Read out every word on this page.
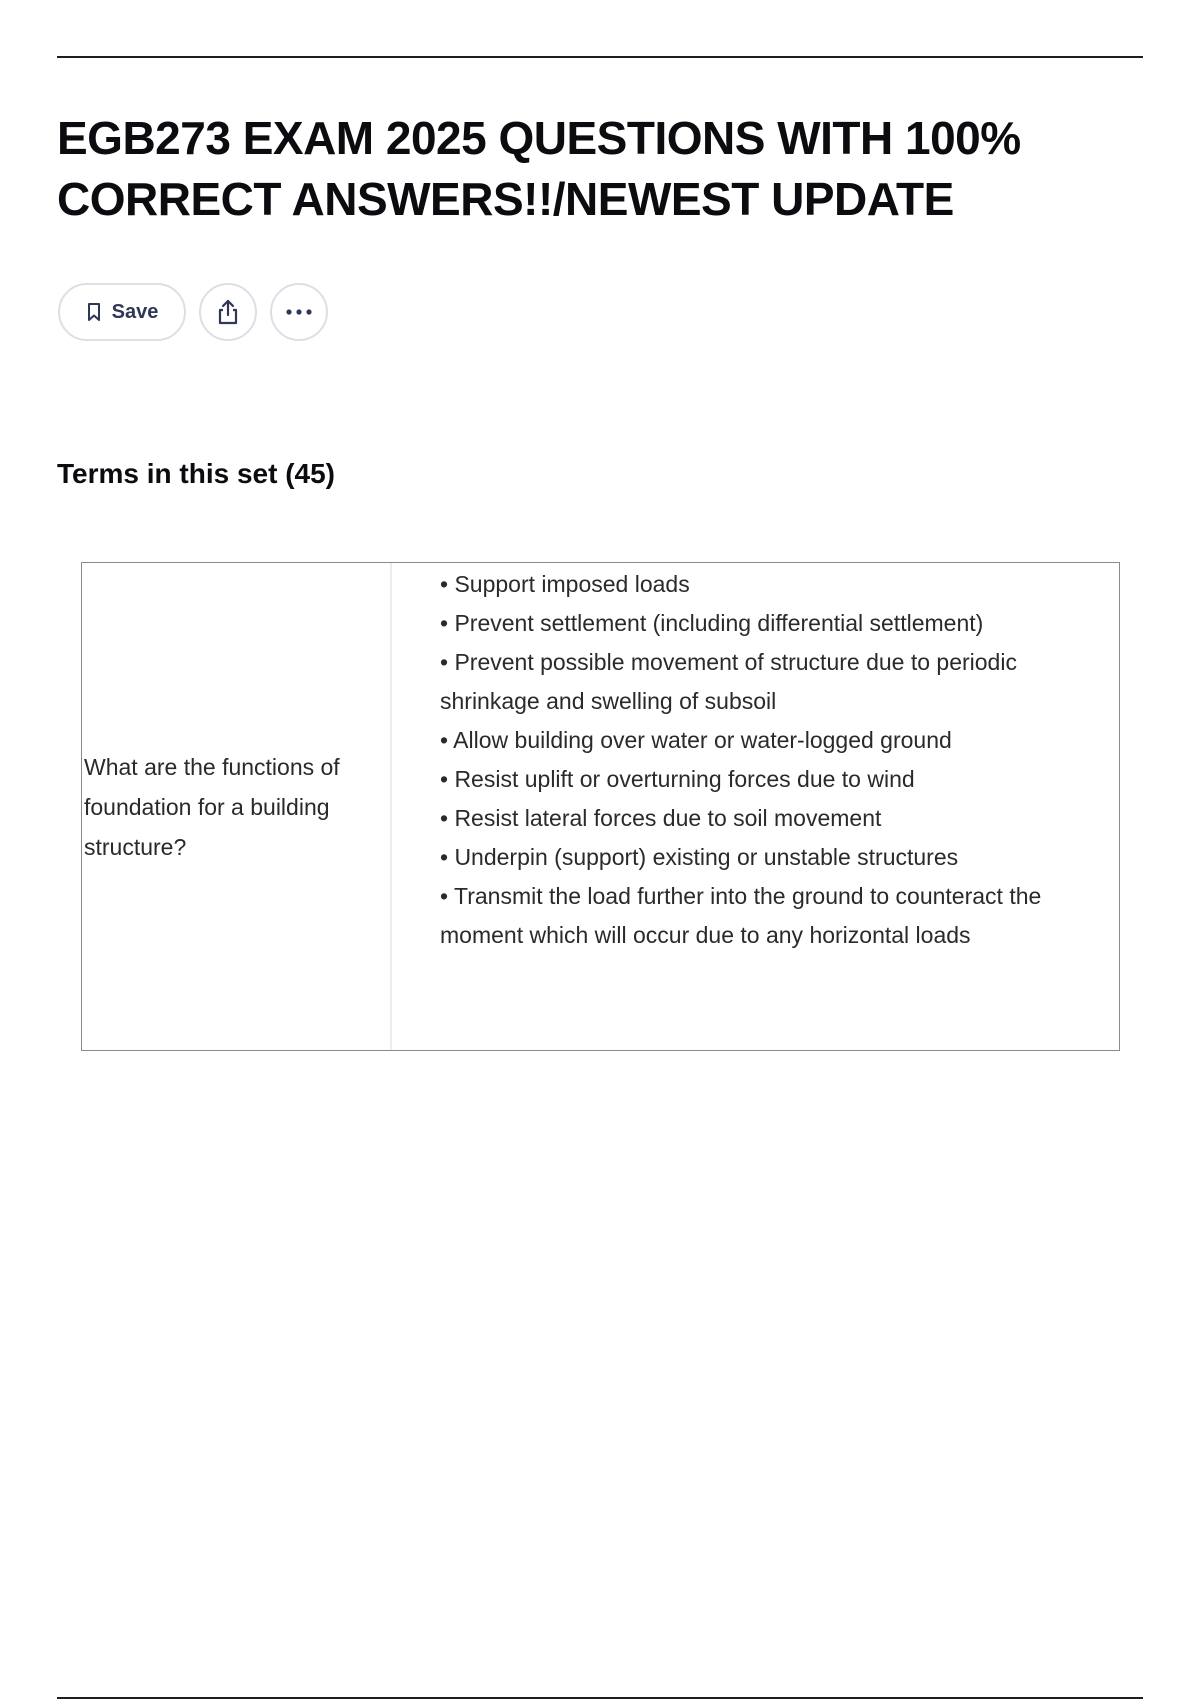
EGB273 EXAM 2025 QUESTIONS WITH 100% CORRECT ANSWERS!!/NEWEST UPDATE
Save
Terms in this set (45)
What are the functions of foundation for a building structure?
• Support imposed loads
• Prevent settlement (including differential settlement)
• Prevent possible movement of structure due to periodic shrinkage and swelling of subsoil
• Allow building over water or water-logged ground
• Resist uplift or overturning forces due to wind
• Resist lateral forces due to soil movement
• Underpin (support) existing or unstable structures
• Transmit the load further into the ground to counteract the moment which will occur due to any horizontal loads
